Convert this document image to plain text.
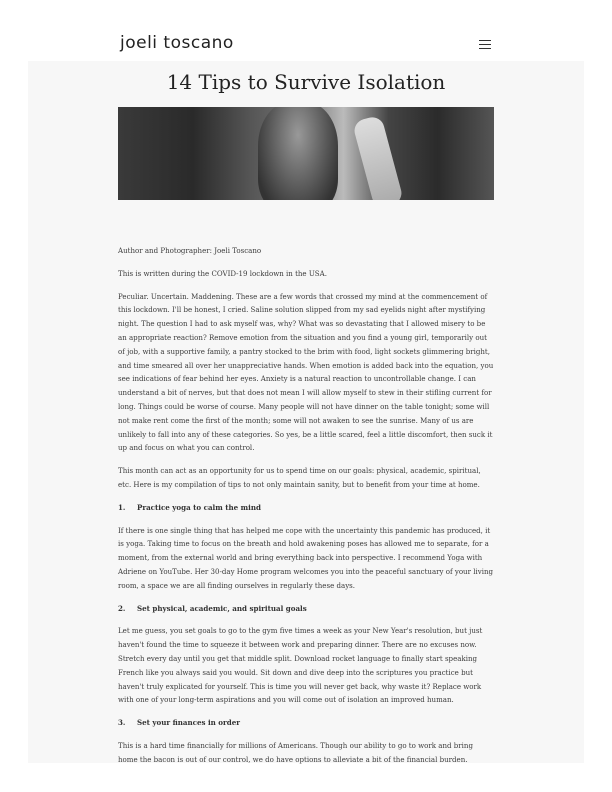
joeli toscano
14 Tips to Survive Isolation

Author and Photographer: Joeli Toscano

This is written during the COVID-19 lockdown in the USA.

Peculiar. Uncertain. Maddening. These are a few words that crossed my mind at the commencement of this lockdown. I'll be honest, I cried. Saline solution slipped from my sad eyelids night after mystifying night. The question I had to ask myself was, why? What was so devastating that I allowed misery to be an appropriate reaction? Remove emotion from the situation and you find a young girl, temporarily out of job, with a supportive family, a pantry stocked to the brim with food, light sockets glimmering bright, and time smeared all over her unappreciative hands. When emotion is added back into the equation, you see indications of fear behind her eyes. Anxiety is a natural reaction to uncontrollable change. I can understand a bit of nerves, but that does not mean I will allow myself to stew in their stifling current for long. Things could be worse of course. Many people will not have dinner on the table tonight; some will not make rent come the first of the month; some will not awaken to see the sunrise. Many of us are unlikely to fall into any of these categories. So yes, be a little scared, feel a little discomfort, then suck it up and focus on what you can control.

This month can act as an opportunity for us to spend time on our goals: physical, academic, spiritual, etc. Here is my compilation of tips to not only maintain sanity, but to benefit from your time at home.

1. Practice yoga to calm the mind

If there is one single thing that has helped me cope with the uncertainty this pandemic has produced, it is yoga. Taking time to focus on the breath and hold awakening poses has allowed me to separate, for a moment, from the external world and bring everything back into perspective. I recommend Yoga with Adriene on YouTube. Her 30-day Home program welcomes you into the peaceful sanctuary of your living room, a space we are all finding ourselves in regularly these days.

2. Set physical, academic, and spiritual goals

Let me guess, you set goals to go to the gym five times a week as your New Year's resolution, but just haven't found the time to squeeze it between work and preparing dinner. There are no excuses now. Stretch every day until you get that middle split. Download rocket language to finally start speaking French like you always said you would. Sit down and dive deep into the scriptures you practice but haven't truly explicated for yourself. This is time you will never get back, why waste it? Replace work with one of your long-term aspirations and you will come out of isolation an improved human.

3. Set your finances in order

This is a hard time financially for millions of Americans. Though our ability to go to work and bring home the bacon is out of our control, we do have options to alleviate a bit of the financial burden.
